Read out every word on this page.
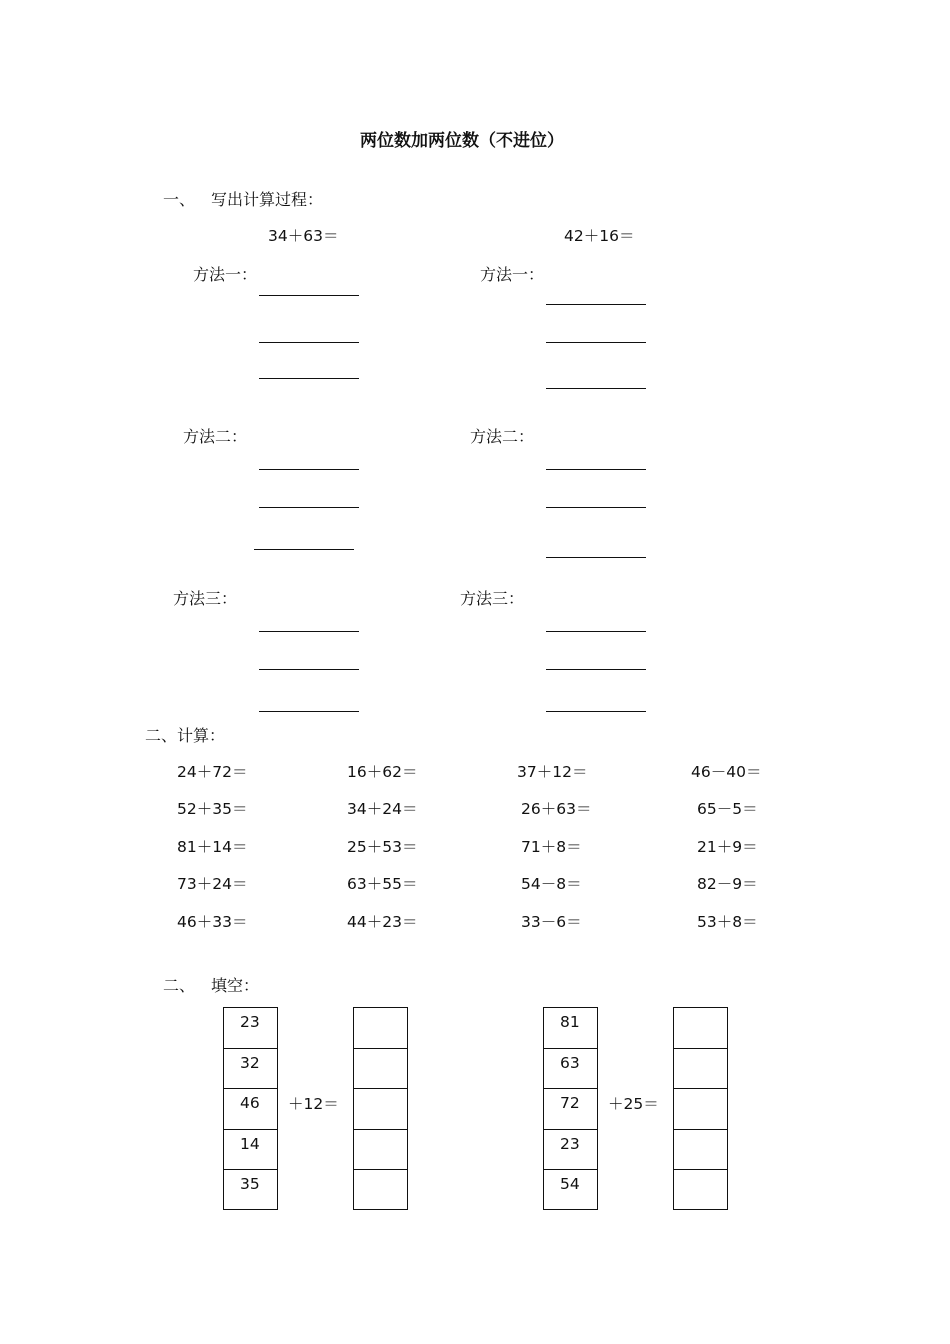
两位数加两位数（不进位）
一、 写出计算过程：
34＋63＝	42＋16＝
方法一：
方法二：
方法三：
方法一：
方法二：
方法三：
二、计算：
24＋72＝	16＋62＝	37＋12＝	46－40＝
52＋35＝	34＋24＝	26＋63＝	65－5＝
81＋14＝	25＋53＝	71＋8＝	21＋9＝
73＋24＝	63＋55＝	54－8＝	82－9＝
46＋33＝	44＋23＝	33－6＝	53＋8＝
二、 填空：
23
32
46
14
35
＋12＝
81
63
72
23
54
＋25＝
